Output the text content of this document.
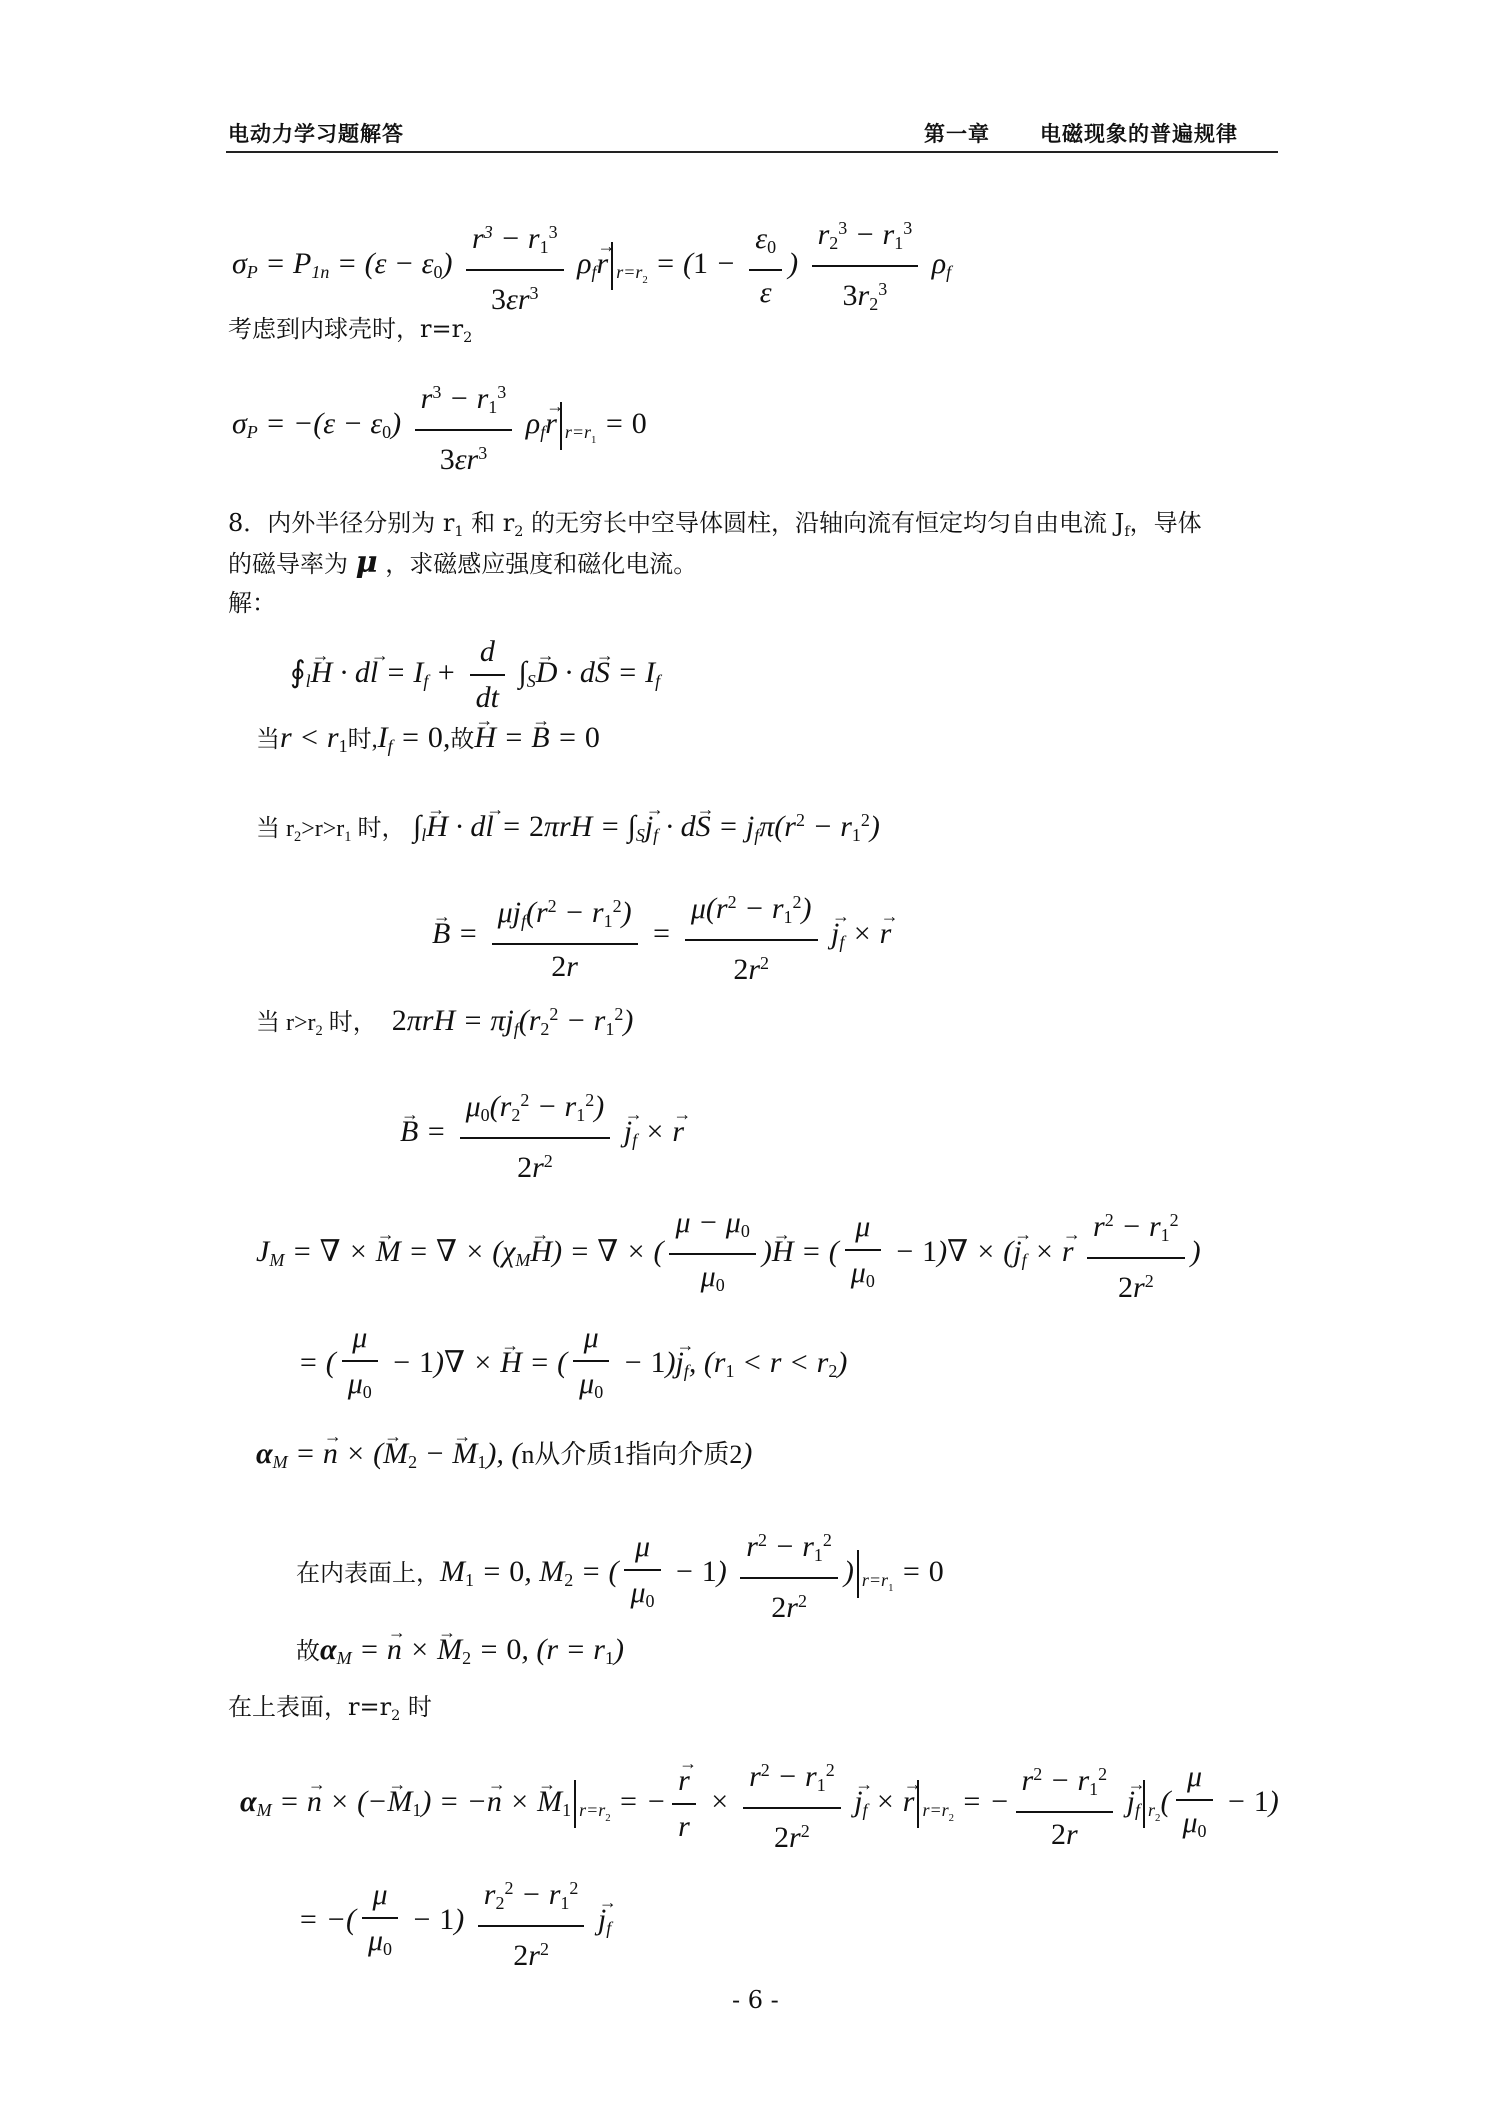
电动力学习题解答	第一章 电磁现象的普遍规律
$\sigma_P = P_{1n} = (\varepsilon - \varepsilon_0) \frac{r^3 - r_1^3}{3\varepsilon r^3} \rho_f\to r$ $_{r=r_2} = (1 - \frac{\varepsilon_0}{\varepsilon}$ ) $\frac{r_2^3 - r_1^3}{3r_2^3} \rho_f$
考虑到内球壳时，$r=r_2$
$\sigma_P = -(\varepsilon - \varepsilon_0) \frac{r^3 - r_1^3}{3\varepsilon r^3} \rho_f\to r$ $_{r=r_1}$ = 0
8．内外半径分别为 $r_1$ 和 $r_2$ 的无穷长中空导体圆柱，沿轴向流有恒定均匀自由电流 $J_f$，导体
的磁导率为 μ ，求磁感应强度和磁化电流。
解：
$∮_l\to H \cdot d\to l = I_f + \frac{d}{dt} \int_S\to D \cdot d\to S = I_f$
当$r < r_1$时$,I_f = 0$,故→ H = → B = 0
当 $r_2>r>r_1$ 时， $\int_l\to H \cdot d\to l = 2\pi rH = \int_S\to j_f \cdot d\to S = j_f\pi(r^2 - r_1^2)$
→ $B = \frac{\mu j_f(r^2 - r_1^2)}{2r} = \frac{\mu(r^2 - r_1^2)}{2r^2}$
→ $j_f$ × → r
当 $r>r_2$ 时， $2\pi rH = \pi j_f(r_2^2 - r_1^2)$
→ $B = \frac{\mu_0(r_2^2 - r_1^2)}{2r^2}$
→ $j_f$ × → r
$J_M$ = ∇ × → M = ∇ × $(\chi_M\to H)$ = ∇ × ( $\frac{\mu - \mu_0}{\mu_0}$ )→ H = ( $\frac{\mu}{\mu_0} - 1)\nabla$ × (→ $j_f$ × → r $\frac{r^2 - r_1^2}{2r^2}$ )
= ( $\frac{\mu}{\mu_0} - 1)\nabla$ × → H = ( $\frac{\mu}{\mu_0} - 1)\to j_f$, $(r_1 < r < r_2)$
$\alpha_M$ = → n × (→ $M_2$ − → $M_1$), (n从介质1指向介质2)
在内表面上，$M_1 = 0$, $M_2$ = ( $\frac{\mu}{\mu_0} - 1) \frac{r^2 - r_1^2}{2r^2}$ ) $_{r=r_1}$ = 0
故$\alpha_M$ = → n × → $M_2 = 0$, $(r = r_1)$
在上表面，$r=r_2$ 时
$\alpha_M$ = → n × (−→ $M_1$) = −→ n × → $M_1$ $_{r=r_2}$ = −
→ $\frac{r}{r} \times \frac{r^2 - r_1^2}{2r^2}$
→ $j_f$ × → r $_{r=r_2}$ = − $\frac{r^2 - r_1^2}{2r}$
→ $j_f$ $_{r_2}( \frac{\mu}{\mu_0} - 1)$
= −( $\frac{\mu}{\mu_0} - 1) \frac{r_2^2 - r_1^2}{2r^2}$
→ $j_f$
- 6 -
